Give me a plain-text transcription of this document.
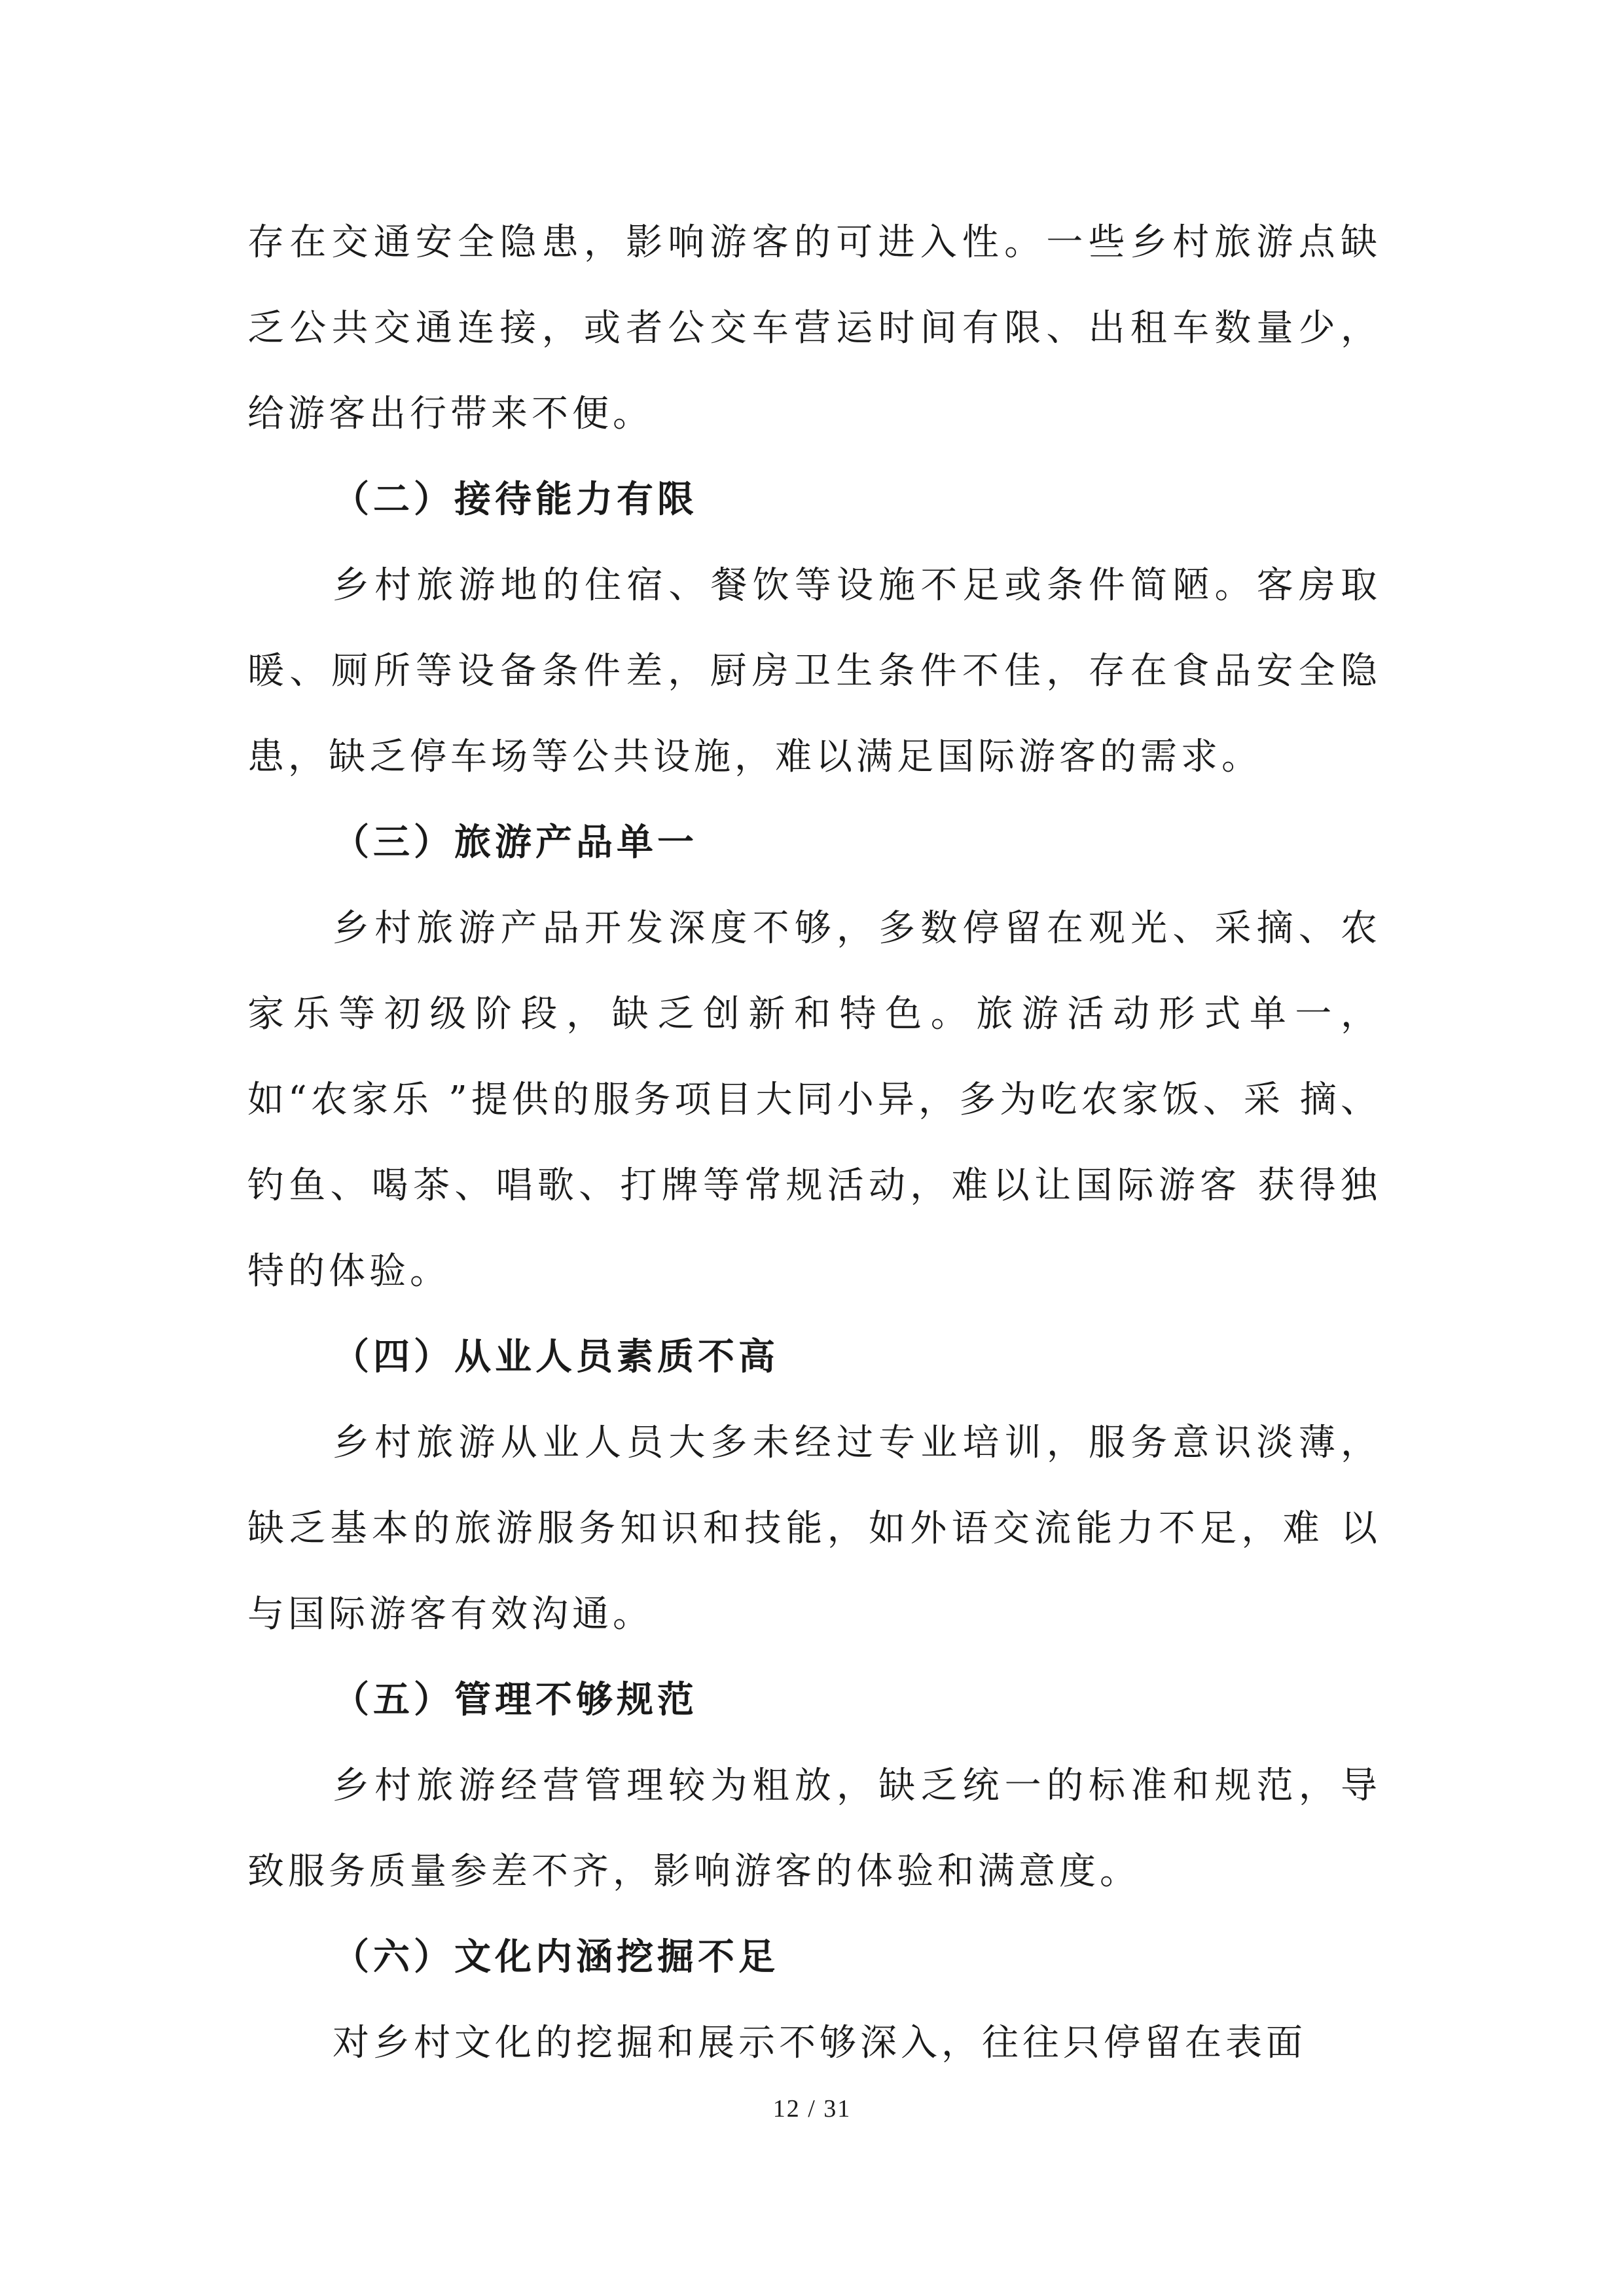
存在交通安全隐患，影响游客的可进入性。一些乡村旅游点缺乏公共交通连接，或者公交车营运时间有限、出租车数量少，给游客出行带来不便。

（二）接待能力有限

乡村旅游地的住宿、餐饮等设施不足或条件简陋。客房取暖、厕所等设备条件差，厨房卫生条件不佳，存在食品安全隐患，缺乏停车场等公共设施，难以满足国际游客的需求。

（三）旅游产品单一

乡村旅游产品开发深度不够，多数停留在观光、采摘、农家乐等初级阶段，缺乏创新和特色。旅游活动形式单一， 如“农家乐 ”提供的服务项目大同小异，多为吃农家饭、采 摘、钓鱼、喝茶、唱歌、打牌等常规活动，难以让国际游客 获得独特的体验。

（四）从业人员素质不高

乡村旅游从业人员大多未经过专业培训，服务意识淡薄，缺乏基本的旅游服务知识和技能，如外语交流能力不足，难 以与国际游客有效沟通。

（五）管理不够规范

乡村旅游经营管理较为粗放，缺乏统一的标准和规范，导致服务质量参差不齐，影响游客的体验和满意度。

（六）文化内涵挖掘不足

对乡村文化的挖掘和展示不够深入，往往只停留在表面

12 / 31
